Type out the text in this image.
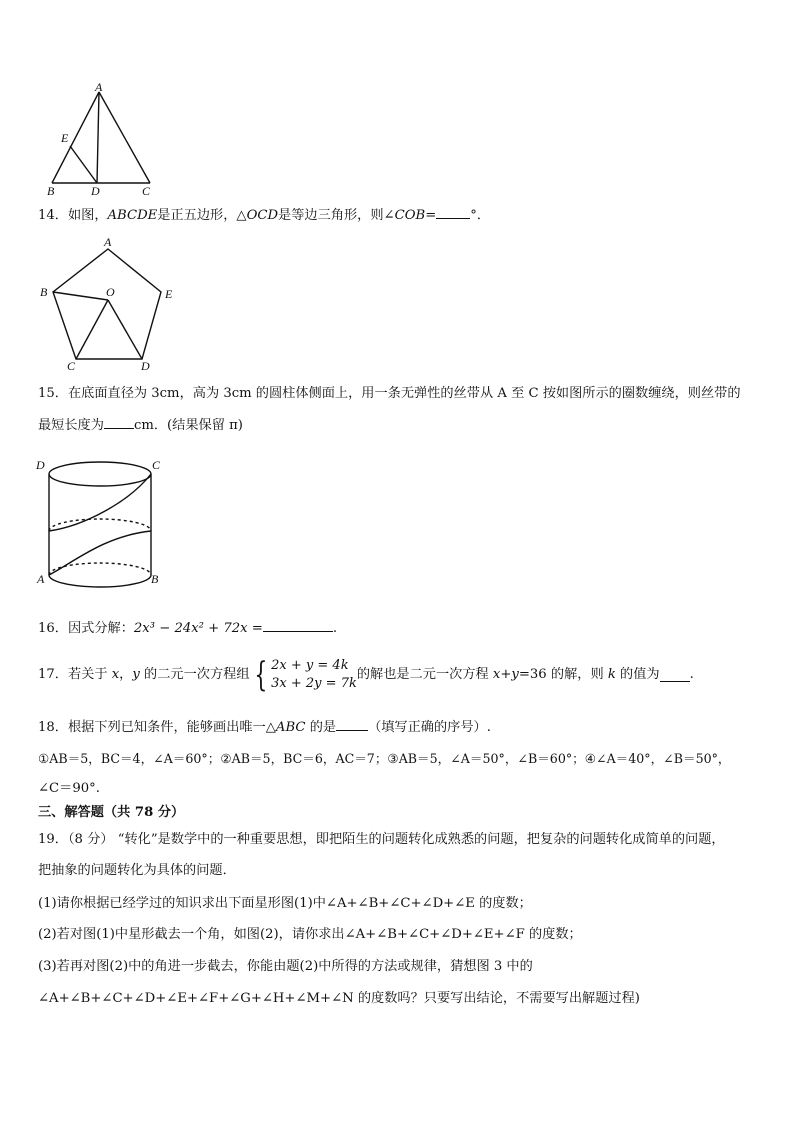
A
E
B	D	C
14．如图，ABCDE是正五边形，△OCD是等边三角形，则∠COB=	°．
A
B	O	E
C	D
15．在底面直径为 3cm，高为 3cm 的圆柱体侧面上，用一条无弹性的丝带从 A 至 C 按如图所示的圈数缠绕，则丝带的
最短长度为 cm．(结果保留 π)
D	C
A	B
16．因式分解：2x³ − 24x² + 72x =	.
17．若关于
x ， y
的二元一次方程组 { 2x + y = 4k
3x + 2y = 7k
的解也是二元一次方程
x+y =36 的解，则
k
的值为 .
18．根据下列已知条件，能够画出唯一△ABC 的是 （填写正确的序号）.
①AB＝5，BC＝4，∠A＝60°；②AB＝5，BC＝6，AC＝7；③AB＝5，∠A＝50°，∠B＝60°；④∠A＝40°，∠B＝50°，
∠C＝90°.
三、解答题（共 78 分）
19．（8 分） “转化”是数学中的一种重要思想，即把陌生的问题转化成熟悉的问题，把复杂的问题转化成简单的问题，
把抽象的问题转化为具体的问题．
(1)请你根据已经学过的知识求出下面星形图(1)中∠A+∠B+∠C+∠D+∠E 的度数；
(2)若对图(1)中星形截去一个角，如图(2)，请你求出∠A+∠B+∠C+∠D+∠E+∠F 的度数；
(3)若再对图(2)中的角进一步截去，你能由题(2)中所得的方法或规律，猜想图 3 中的
∠A+∠B+∠C+∠D+∠E+∠F+∠G+∠H+∠M+∠N 的度数吗？只要写出结论，不需要写出解题过程)
